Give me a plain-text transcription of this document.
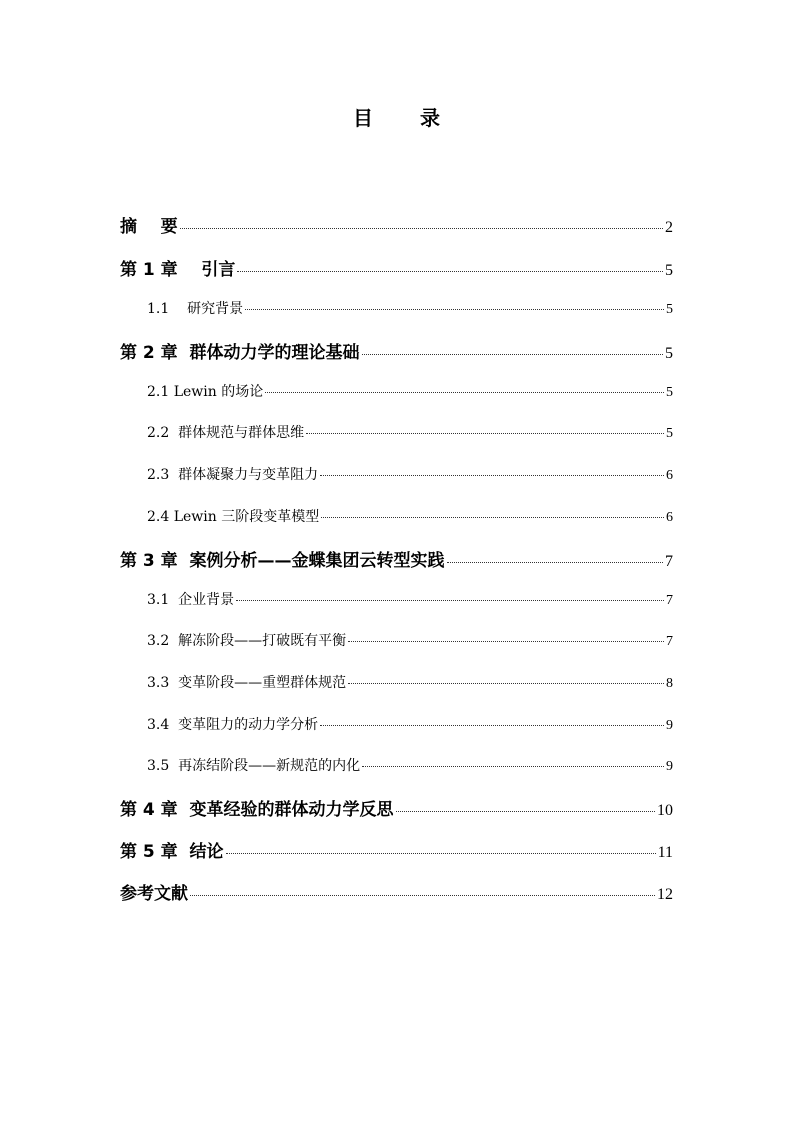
目 录
摘    要	2
第 1 章    引言	5
1.1    研究背景	5
第 2 章  群体动力学的理论基础	5
2.1 Lewin 的场论	5
2.2  群体规范与群体思维	5
2.3  群体凝聚力与变革阻力	6
2.4 Lewin 三阶段变革模型	6
第 3 章  案例分析——金蝶集团云转型实践	7
3.1  企业背景	7
3.2  解冻阶段——打破既有平衡	7
3.3  变革阶段——重塑群体规范	8
3.4  变革阻力的动力学分析	9
3.5  再冻结阶段——新规范的内化	9
第 4 章  变革经验的群体动力学反思	10
第 5 章  结论	11
参考文献	12
